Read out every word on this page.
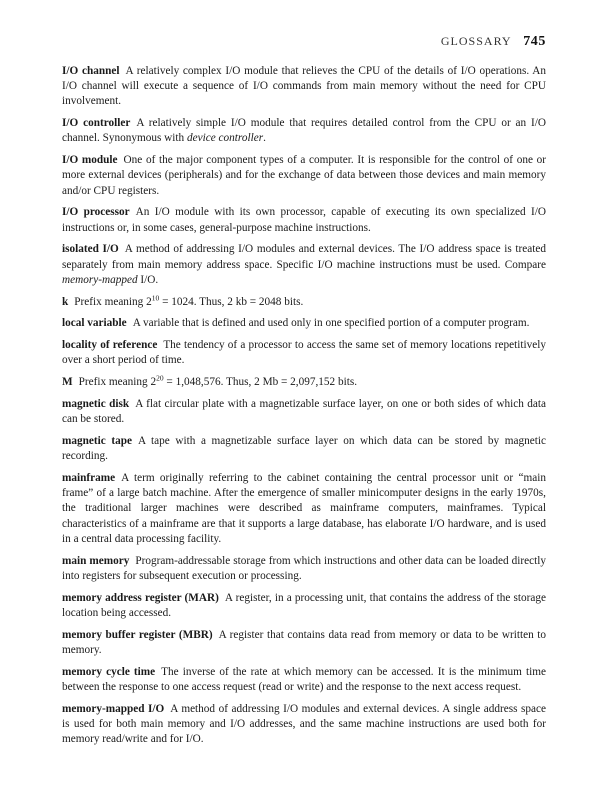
GLOSSARY 745

I/O channel A relatively complex I/O module that relieves the CPU of the details of I/O operations. An I/O channel will execute a sequence of I/O commands from main memory without the need for CPU involvement.

I/O controller A relatively simple I/O module that requires detailed control from the CPU or an I/O channel. Synonymous with device controller.

I/O module One of the major component types of a computer. It is responsible for the control of one or more external devices (peripherals) and for the exchange of data between those devices and main memory and/or CPU registers.

I/O processor An I/O module with its own processor, capable of executing its own specialized I/O instructions or, in some cases, general-purpose machine instructions.

isolated I/O A method of addressing I/O modules and external devices. The I/O address space is treated separately from main memory address space. Specific I/O machine instructions must be used. Compare memory-mapped I/O.

k Prefix meaning $2^{10} = 1024$. Thus, 2 kb = 2048 bits.

local variable A variable that is defined and used only in one specified portion of a computer program.

locality of reference The tendency of a processor to access the same set of memory locations repetitively over a short period of time.

M Prefix meaning $2^{20} = 1,048,576$. Thus, 2 Mb = 2,097,152 bits.

magnetic disk A flat circular plate with a magnetizable surface layer, on one or both sides of which data can be stored.

magnetic tape A tape with a magnetizable surface layer on which data can be stored by magnetic recording.

mainframe A term originally referring to the cabinet containing the central processor unit or “main frame” of a large batch machine. After the emergence of smaller minicomputer designs in the early 1970s, the traditional larger machines were described as mainframe computers, mainframes. Typical characteristics of a mainframe are that it supports a large database, has elaborate I/O hardware, and is used in a central data processing facility.

main memory Program-addressable storage from which instructions and other data can be loaded directly into registers for subsequent execution or processing.

memory address register (MAR) A register, in a processing unit, that contains the address of the storage location being accessed.

memory buffer register (MBR) A register that contains data read from memory or data to be written to memory.

memory cycle time The inverse of the rate at which memory can be accessed. It is the minimum time between the response to one access request (read or write) and the response to the next access request.

memory-mapped I/O A method of addressing I/O modules and external devices. A single address space is used for both main memory and I/O addresses, and the same machine instructions are used both for memory read/write and for I/O.
